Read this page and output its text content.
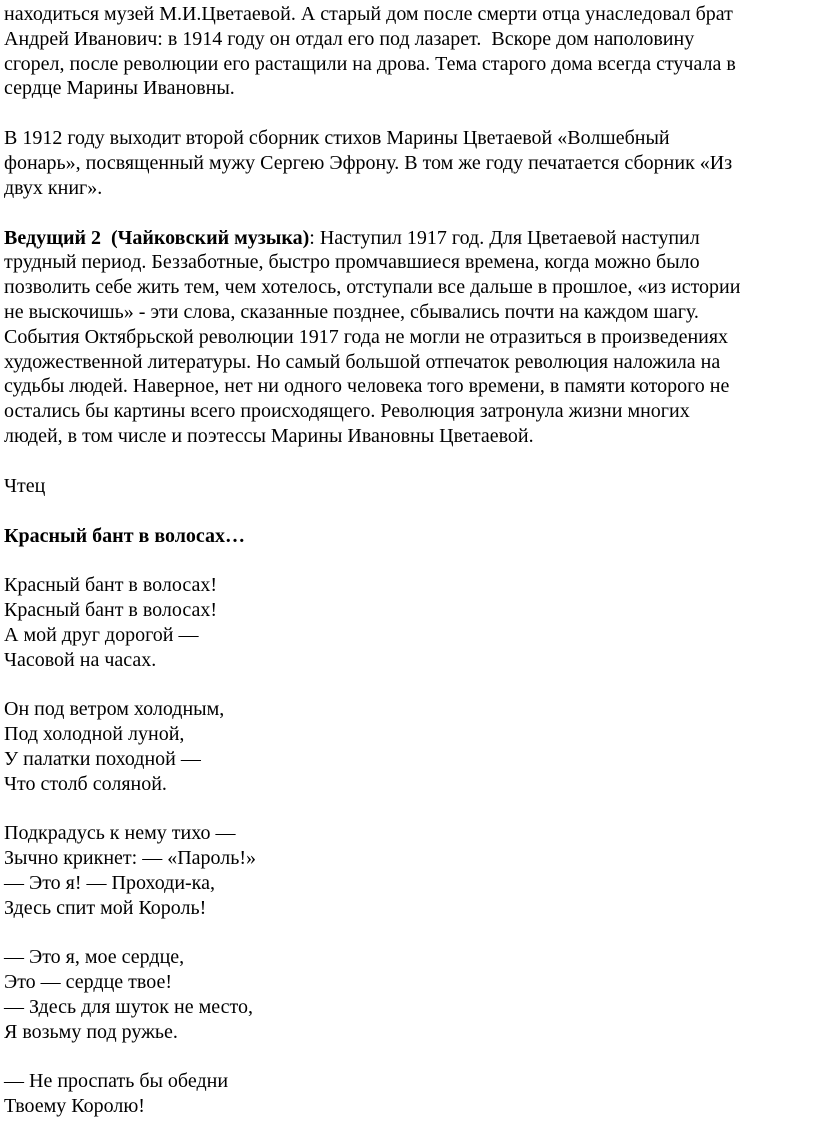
находиться музей М.И.Цветаевой. А старый дом после смерти отца унаследовал брат
Андрей Иванович: в 1914 году он отдал его под лазарет.  Вскоре дом наполовину
сгорел, после революции его растащили на дрова. Тема старого дома всегда стучала в
сердце Марины Ивановны.
В 1912 году выходит второй сборник стихов Марины Цветаевой «Волшебный
фонарь», посвященный мужу Сергею Эфрону. В том же году печатается сборник «Из
двух книг».
Ведущий 2  (Чайковский музыка): Наступил 1917 год. Для Цветаевой наступил
трудный период. Беззаботные, быстро промчавшиеся времена, когда можно было
позволить себе жить тем, чем хотелось, отступали все дальше в прошлое, «из истории
не выскочишь» - эти слова, сказанные позднее, сбывались почти на каждом шагу.
События Октябрьской революции 1917 года не могли не отразиться в произведениях
художественной литературы. Но самый большой отпечаток революция наложила на
судьбы людей. Наверное, нет ни одного человека того времени, в памяти которого не
остались бы картины всего происходящего. Революция затронула жизни многих
людей, в том числе и поэтессы Марины Ивановны Цветаевой.
Чтец
Красный бант в волосах…
Красный бант в волосах!
Красный бант в волосах!
А мой друг дорогой —
Часовой на часах.
Он под ветром холодным,
Под холодной луной,
У палатки походной —
Что столб соляной.
Подкрадусь к нему тихо —
Зычно крикнет: — «Пароль!»
— Это я! — Проходи-ка,
Здесь спит мой Король!
— Это я, мое сердце,
Это — сердце твое!
— Здесь для шуток не место,
Я возьму под ружье.
— Не проспать бы обедни
Твоему Королю!
